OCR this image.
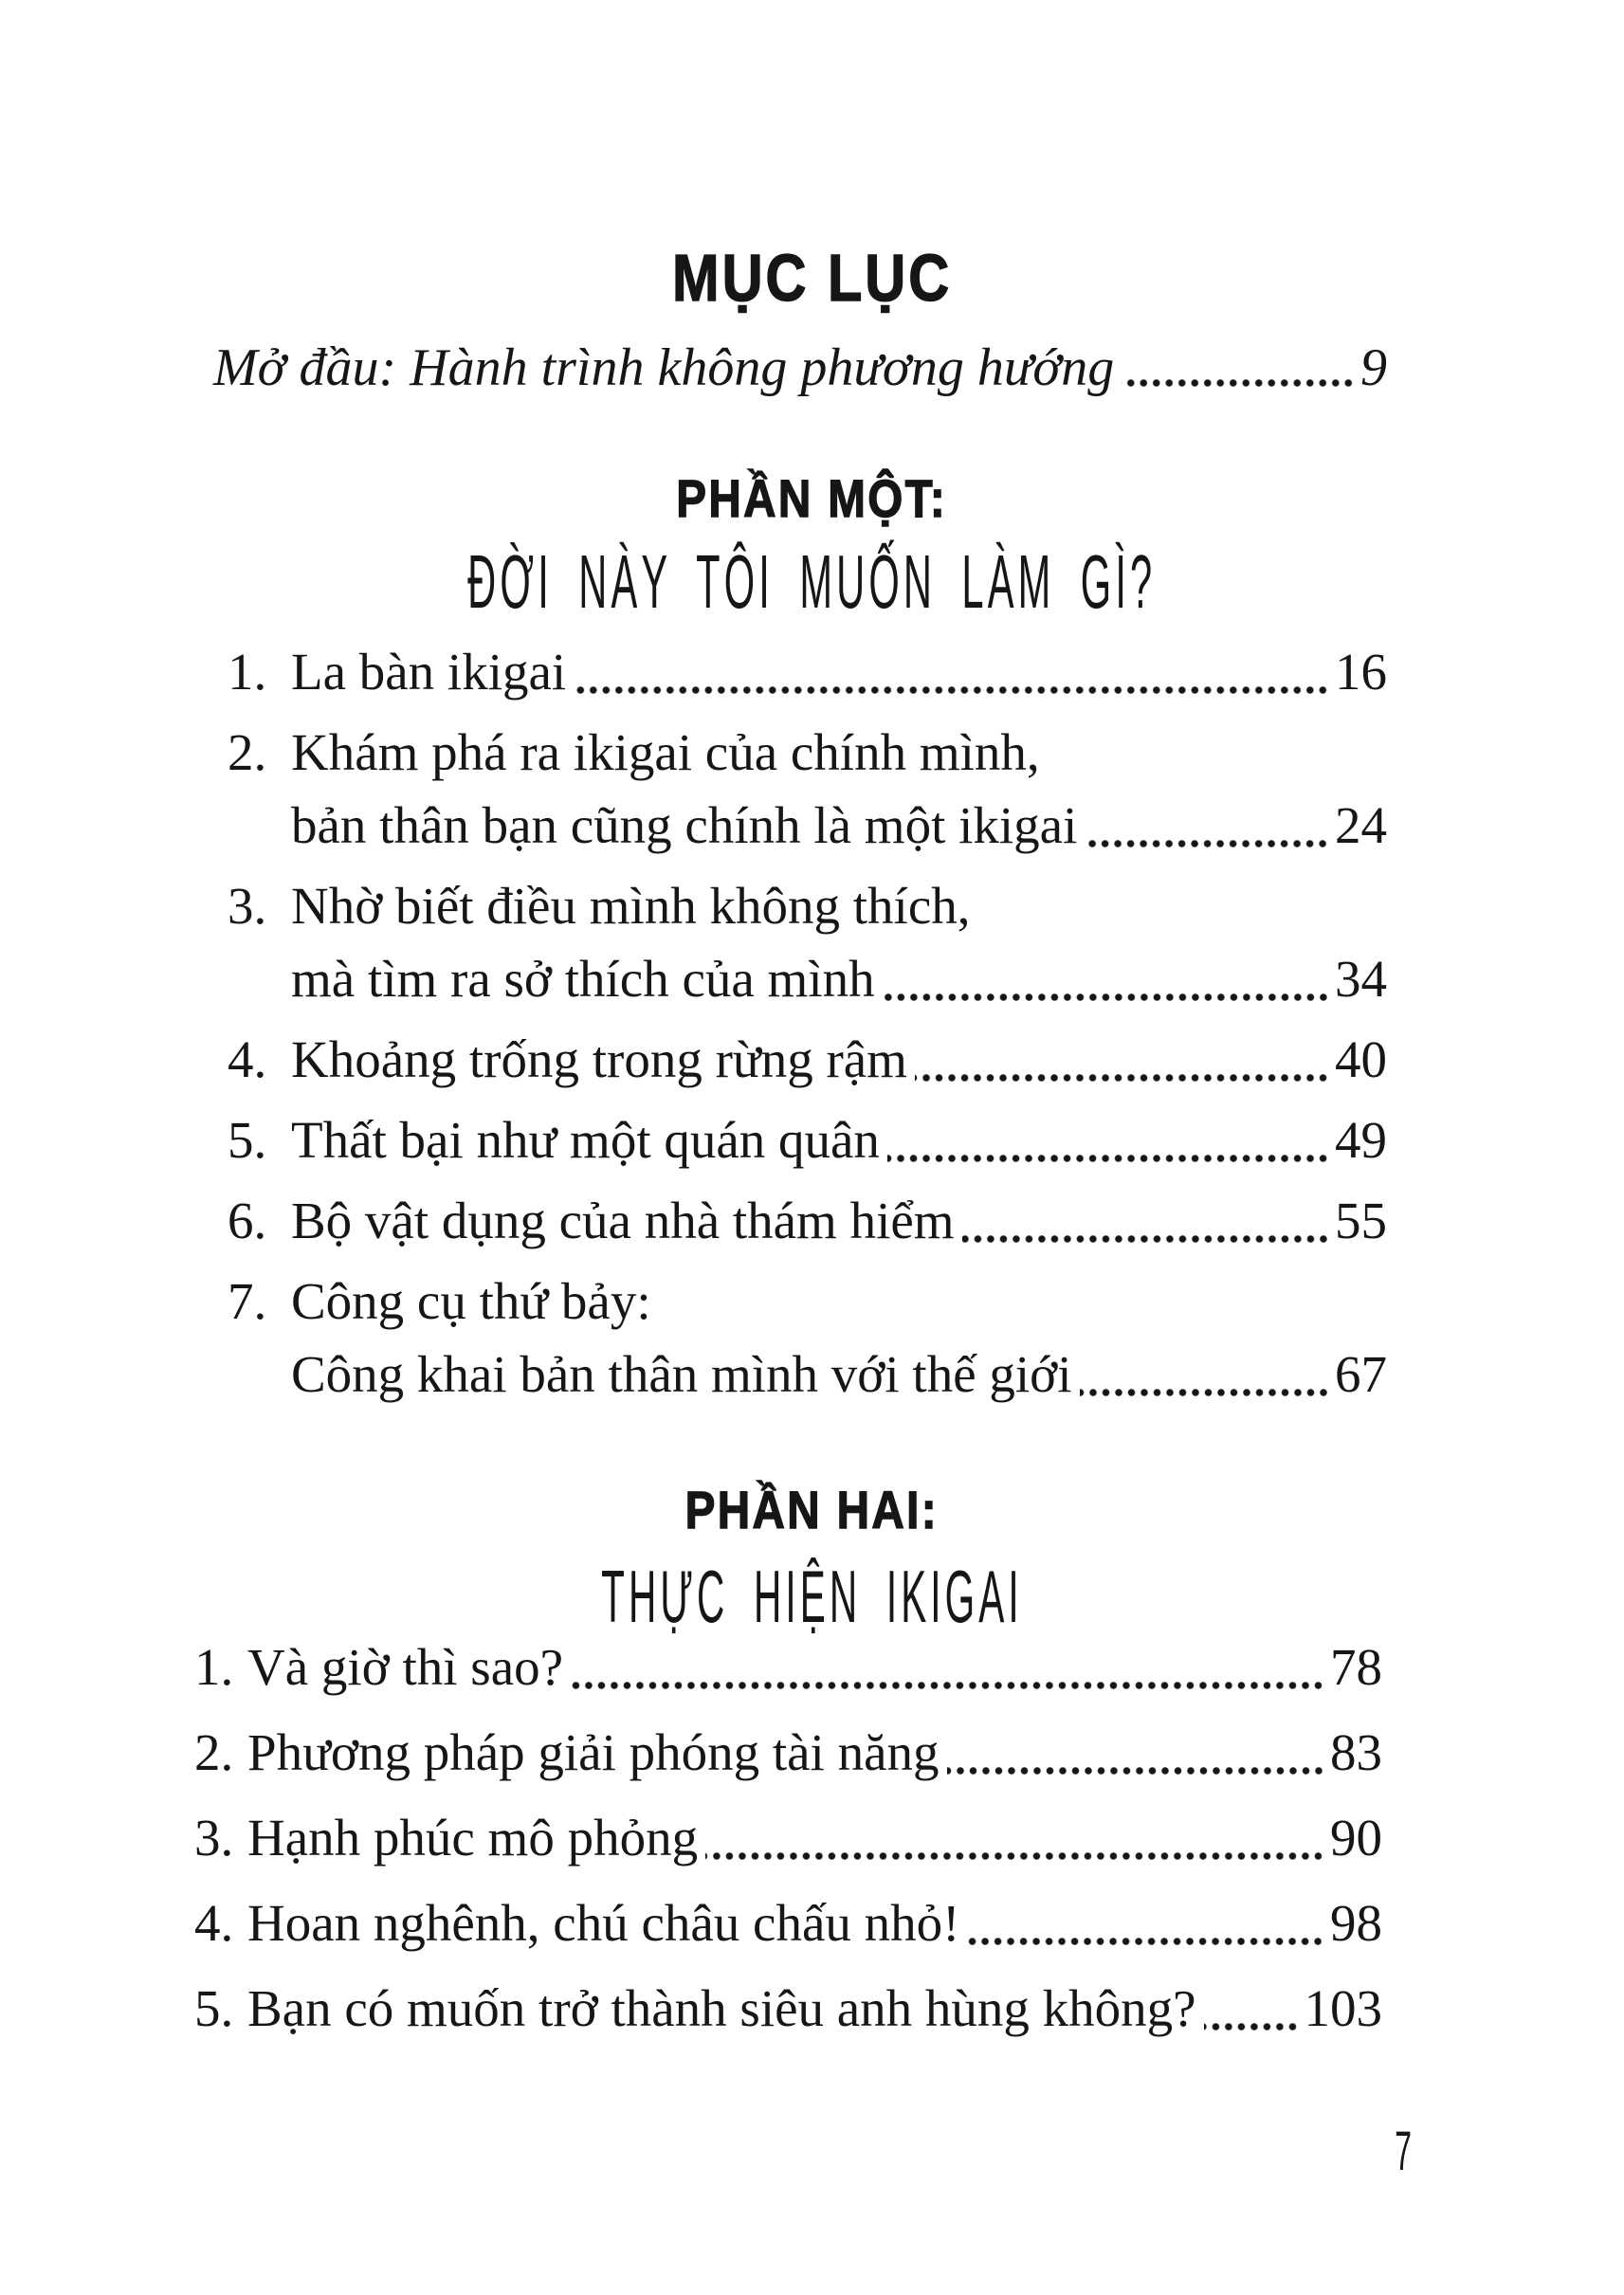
MỤC LỤC
Mở đầu: Hành trình không phương hướng	9
PHẦN MỘT:
ĐỜI NÀY TÔI MUỐN LÀM GÌ?
1. La bàn ikigai	16
2. Khám phá ra ikigai của chính mình,
bản thân bạn cũng chính là một ikigai	24
3. Nhờ biết điều mình không thích,
mà tìm ra sở thích của mình	34
4. Khoảng trống trong rừng rậm	40
5. Thất bại như một quán quân	49
6. Bộ vật dụng của nhà thám hiểm	55
7. Công cụ thứ bảy:
Công khai bản thân mình với thế giới	67
PHẦN HAI:
THỰC HIỆN IKIGAI
1. Và giờ thì sao?	78
2. Phương pháp giải phóng tài năng	83
3. Hạnh phúc mô phỏng	90
4. Hoan nghênh, chú châu chấu nhỏ!	98
5. Bạn có muốn trở thành siêu anh hùng không? 103
7
